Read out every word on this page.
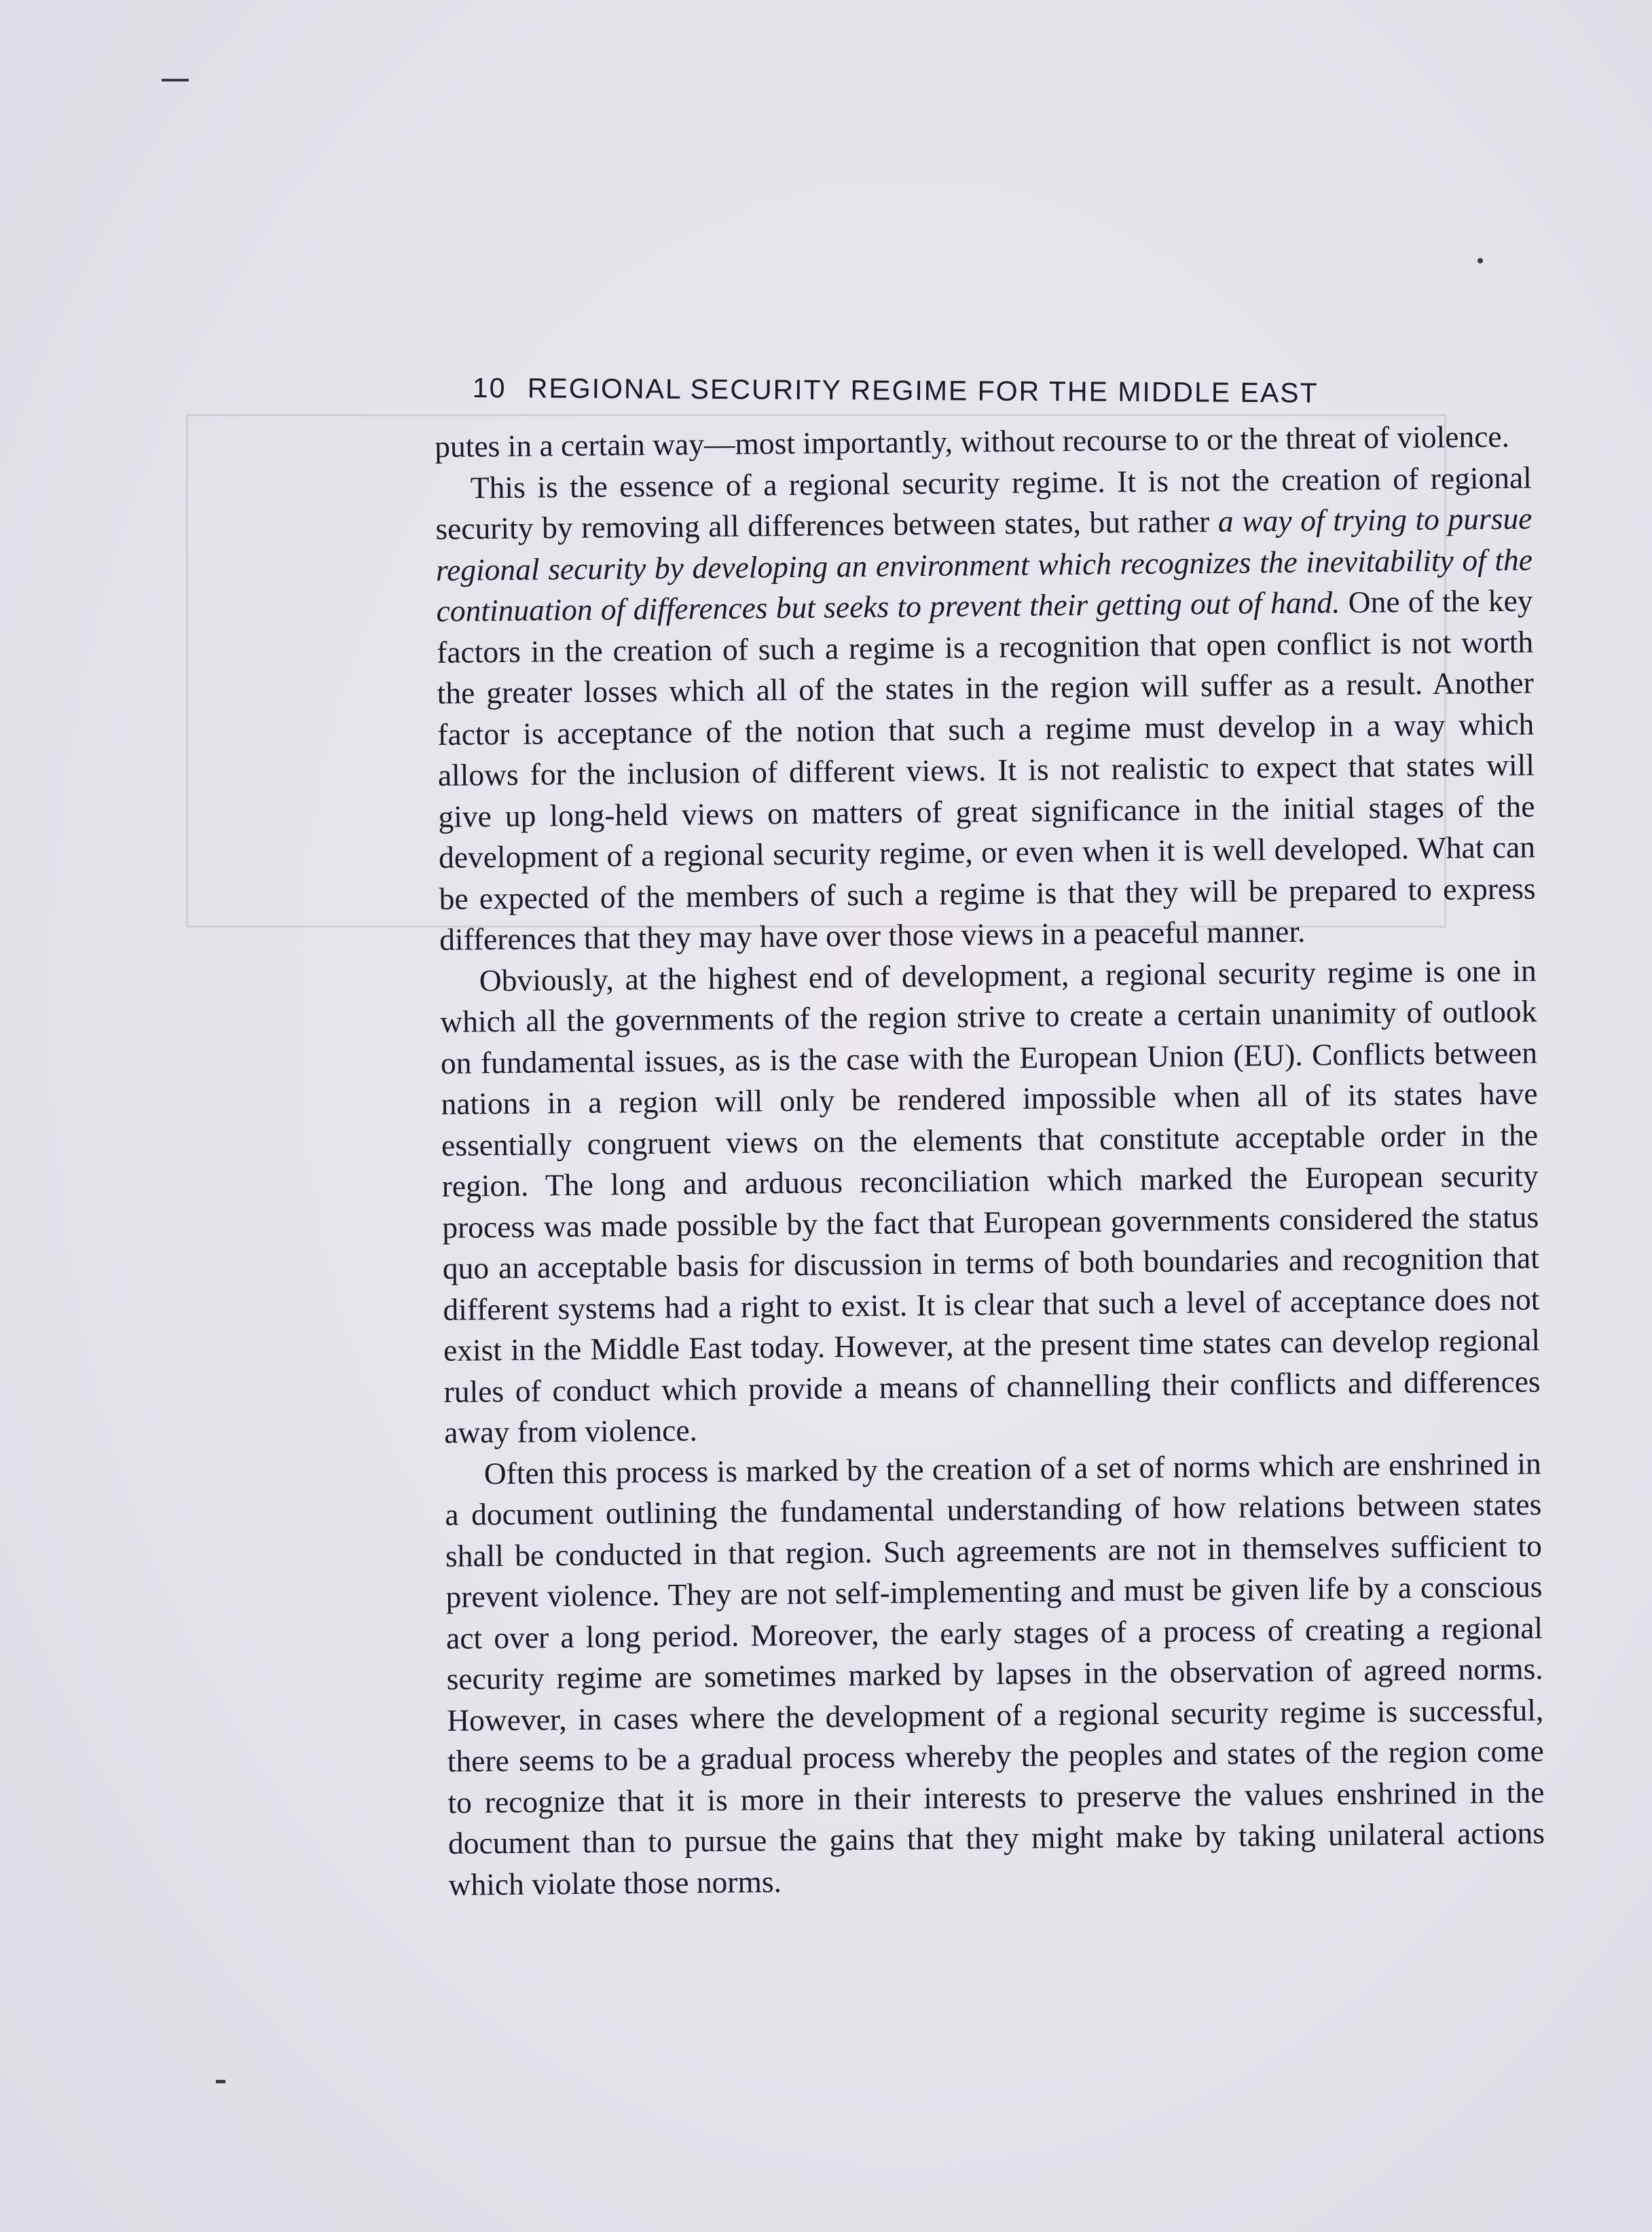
10 REGIONAL SECURITY REGIME FOR THE MIDDLE EAST

putes in a certain way—most importantly, without recourse to or the threat of violence.

This is the essence of a regional security regime. It is not the creation of regional security by removing all differences between states, but rather a way of trying to pursue regional security by developing an environment which recognizes the inevitability of the continuation of differences but seeks to prevent their getting out of hand. One of the key factors in the creation of such a regime is a recognition that open conflict is not worth the greater losses which all of the states in the region will suffer as a result. Another factor is acceptance of the notion that such a regime must develop in a way which allows for the inclusion of different views. It is not realistic to expect that states will give up long-held views on matters of great significance in the initial stages of the development of a regional security regime, or even when it is well developed. What can be expected of the members of such a regime is that they will be prepared to express differences that they may have over those views in a peaceful manner.

Obviously, at the highest end of development, a regional security regime is one in which all the governments of the region strive to create a certain unanimity of outlook on fundamental issues, as is the case with the European Union (EU). Conflicts between nations in a region will only be rendered impossible when all of its states have essentially congruent views on the elements that constitute acceptable order in the region. The long and arduous reconciliation which marked the European security process was made possible by the fact that European governments considered the status quo an acceptable basis for discussion in terms of both boundaries and recognition that different systems had a right to exist. It is clear that such a level of acceptance does not exist in the Middle East today. However, at the present time states can develop regional rules of conduct which provide a means of channelling their conflicts and differences away from violence.

Often this process is marked by the creation of a set of norms which are enshrined in a document outlining the fundamental understanding of how relations between states shall be conducted in that region. Such agreements are not in themselves sufficient to prevent violence. They are not self-implementing and must be given life by a conscious act over a long period. Moreover, the early stages of a process of creating a regional security regime are sometimes marked by lapses in the observation of agreed norms. However, in cases where the development of a regional security regime is successful, there seems to be a gradual process whereby the peoples and states of the region come to recognize that it is more in their interests to preserve the values enshrined in the document than to pursue the gains that they might make by taking unilateral actions which violate those norms.
